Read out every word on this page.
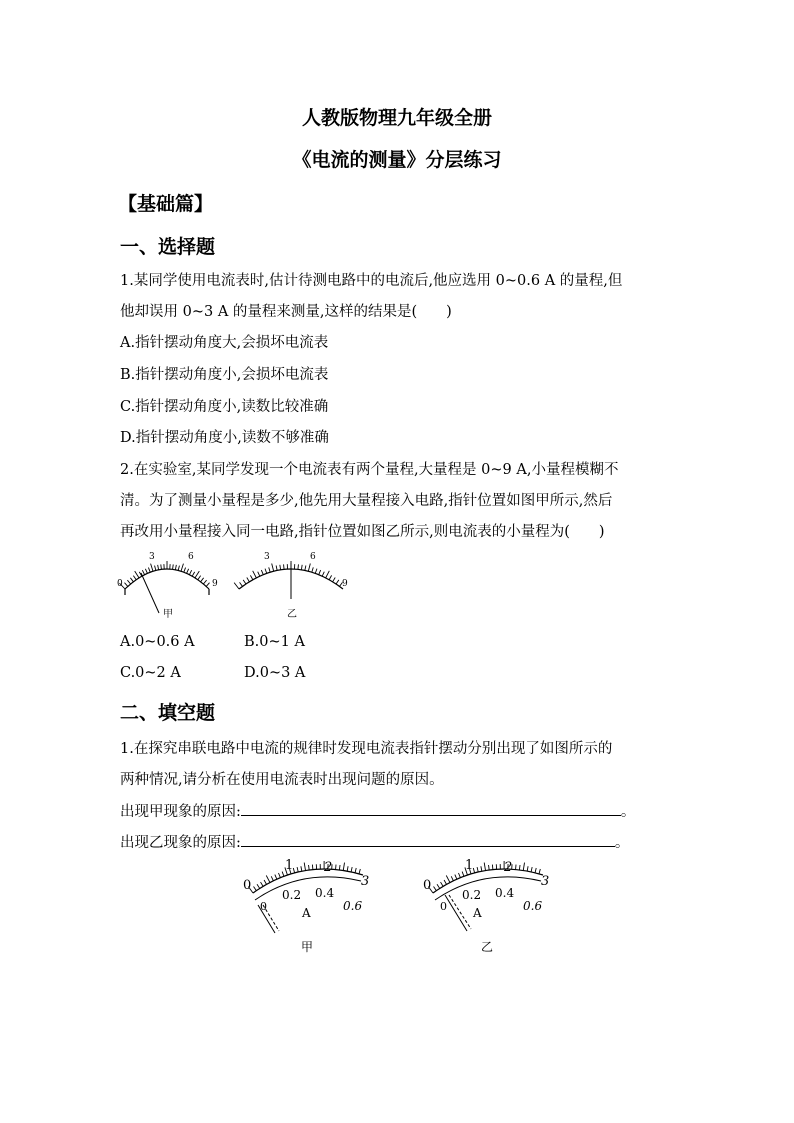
人教版物理九年级全册
《电流的测量》分层练习
【基础篇】
一、选择题
1.某同学使用电流表时,估计待测电路中的电流后,他应选用 0~0.6 A 的量程,但
他却误用 0~3 A 的量程来测量,这样的结果是(　　)
A.指针摆动角度大,会损坏电流表
B.指针摆动角度小,会损坏电流表
C.指针摆动角度小,读数比较准确
D.指针摆动角度小,读数不够准确
2.在实验室,某同学发现一个电流表有两个量程,大量程是 0~9 A,小量程模糊不
清。为了测量小量程是多少,他先用大量程接入电路,指针位置如图甲所示,然后
再改用小量程接入同一电路,指针位置如图乙所示,则电流表的小量程为(　　)
0
3	6
9
甲
3	6
9
乙
A.0~0.6 A	B.0~1 A
C.0~2 A	D.0~3 A
二、填空题
1.在探究串联电路中电流的规律时发现电流表指针摆动分别出现了如图所示的
两种情况,请分析在使用电流表时出现问题的原因。
出现甲现象的原因:	。
出现乙现象的原因:	。
0
1 2
3
0
0.2 0.4
0.6
A
甲
0
1 2
3
0
0.2 0.4
0.6
A
乙
